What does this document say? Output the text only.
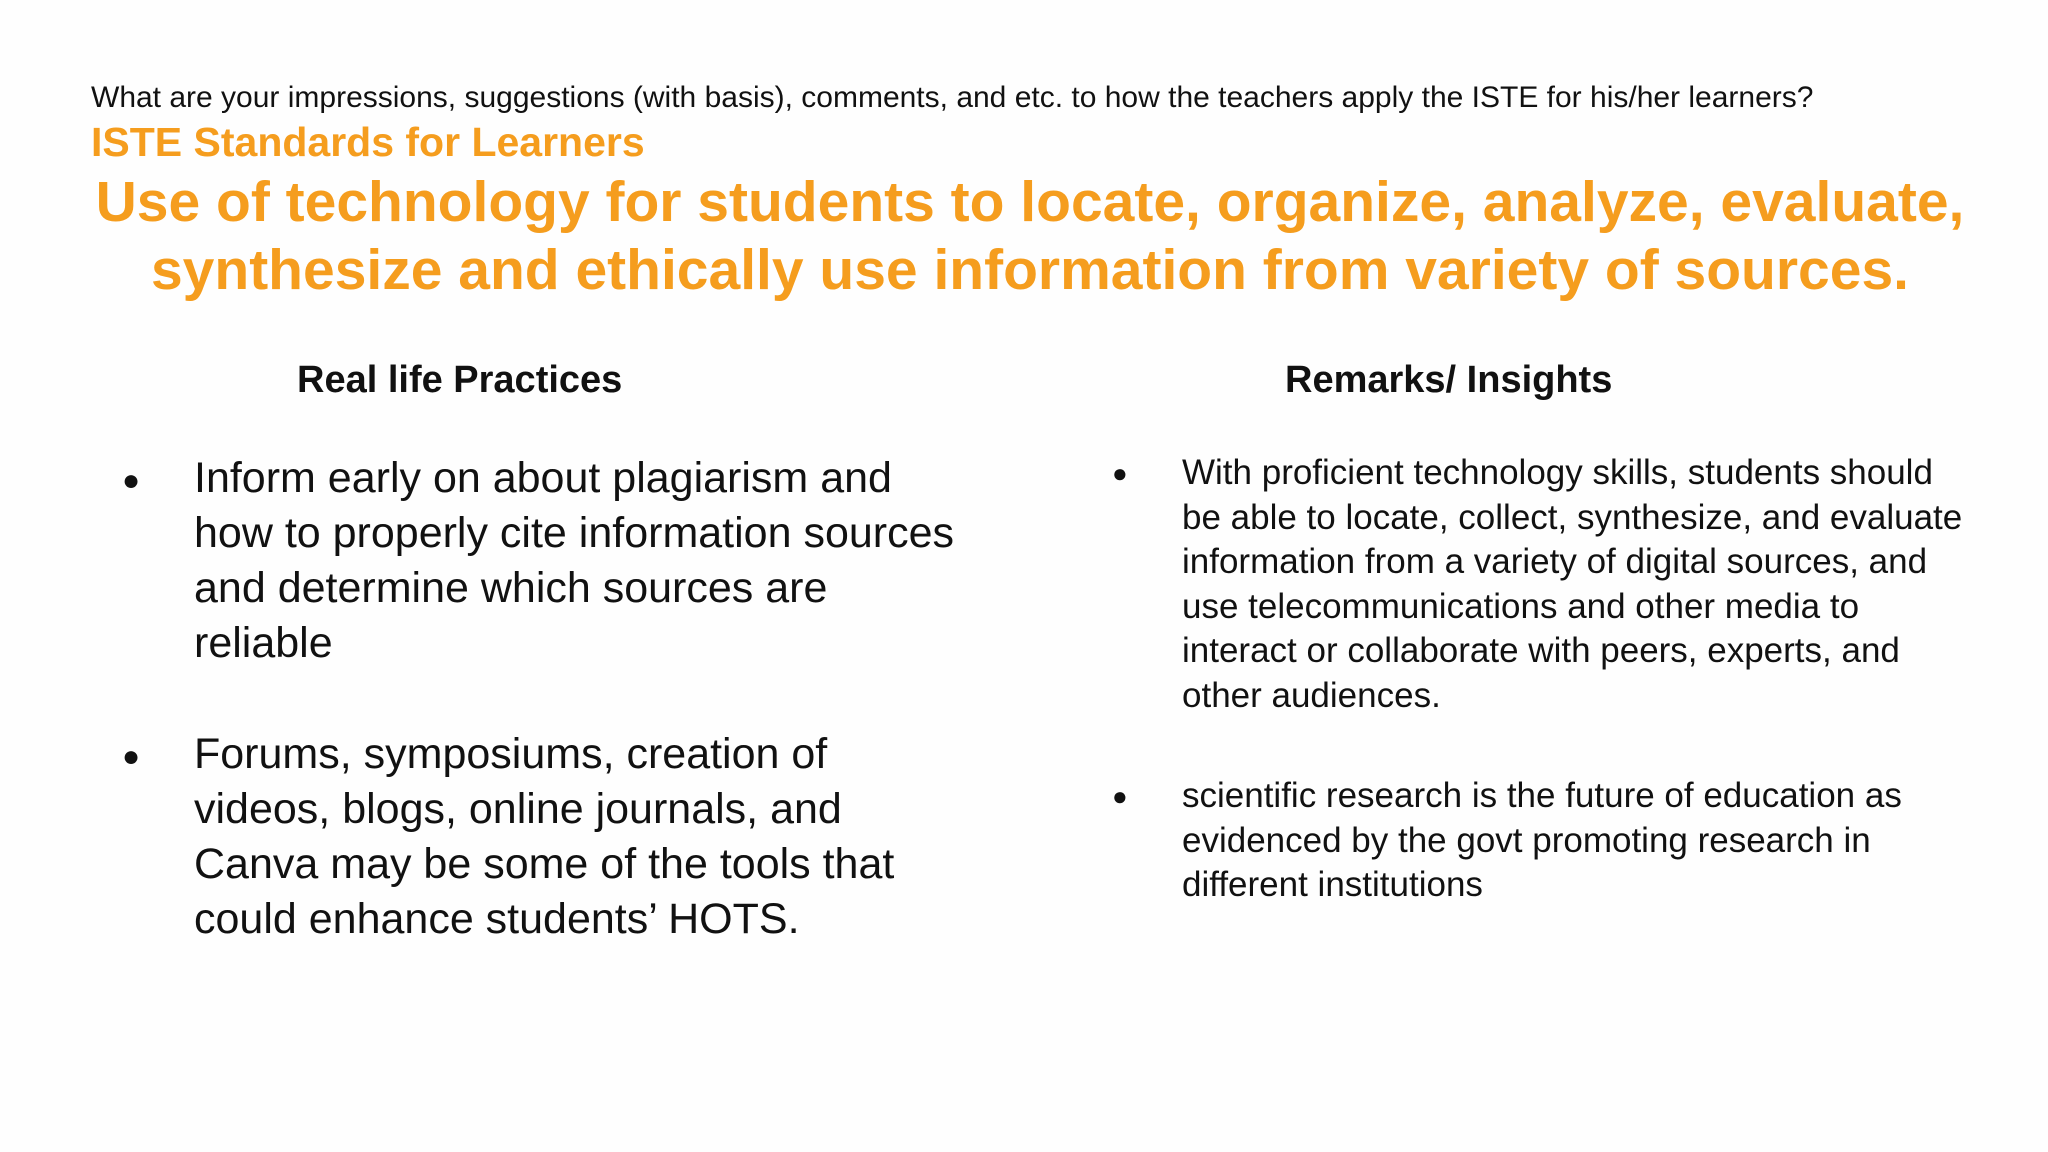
What are your impressions, suggestions (with basis), comments, and etc. to how the teachers apply the ISTE for his/her learners?
ISTE Standards for Learners
Use of technology for students to locate, organize, analyze, evaluate, synthesize and ethically use information from variety of sources.
Real life Practices	Remarks/ Insights
● Inform early on about plagiarism and how to properly cite information sources and determine which sources are reliable
● Forums, symposiums, creation of videos, blogs, online journals, and Canva may be some of the tools that could enhance students’ HOTS.
● With proficient technology skills, students should be able to locate, collect, synthesize, and evaluate information from a variety of digital sources, and use telecommunications and other media to interact or collaborate with peers, experts, and other audiences.
● scientific research is the future of education as evidenced by the govt promoting research in different institutions
